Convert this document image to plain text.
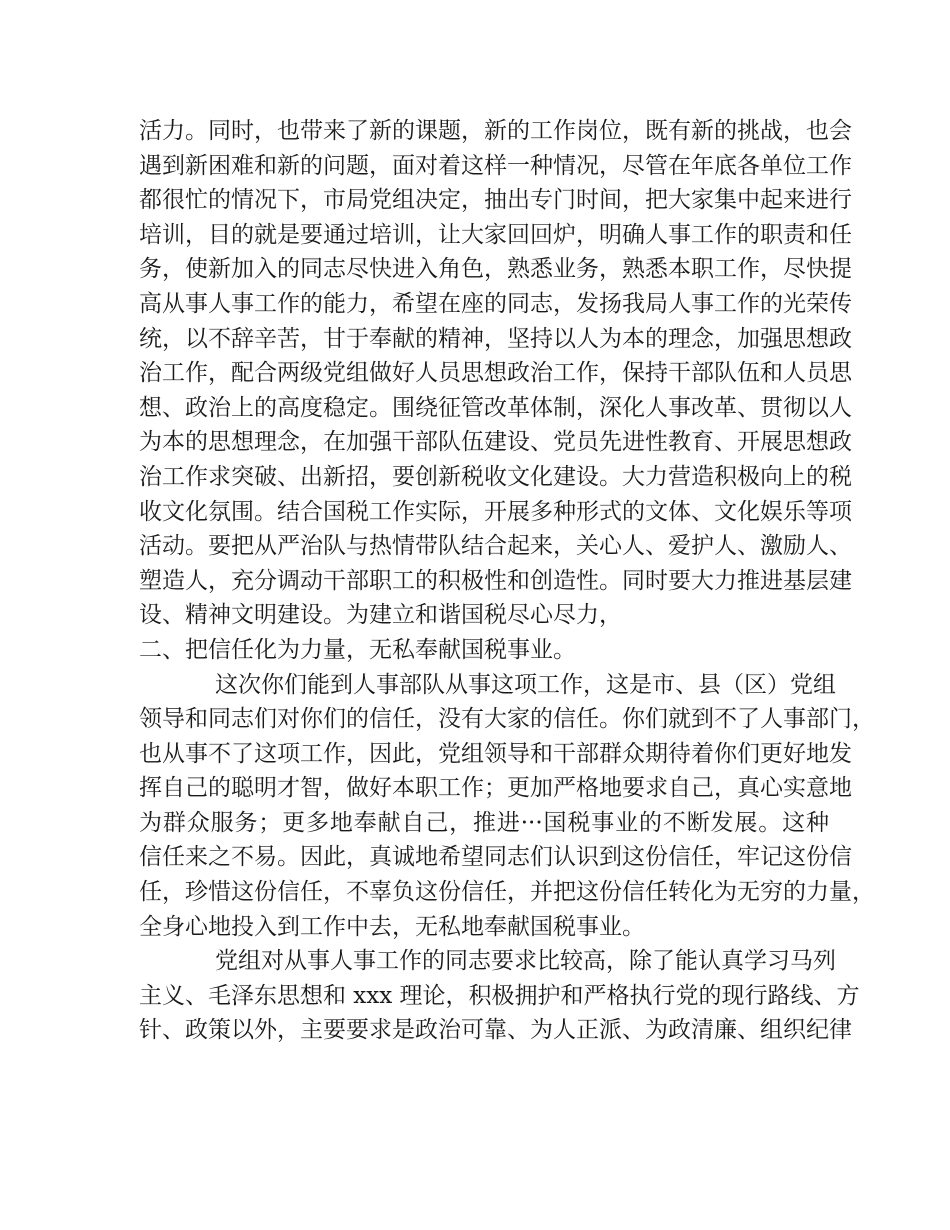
活力。同时，也带来了新的课题，新的工作岗位，既有新的挑战，也会
遇到新困难和新的问题，面对着这样一种情况，尽管在年底各单位工作
都很忙的情况下，市局党组决定，抽出专门时间，把大家集中起来进行
培训，目的就是要通过培训，让大家回回炉，明确人事工作的职责和任
务，使新加入的同志尽快进入角色，熟悉业务，熟悉本职工作，尽快提
高从事人事工作的能力，希望在座的同志，发扬我局人事工作的光荣传
统，以不辞辛苦，甘于奉献的精神，坚持以人为本的理念，加强思想政
治工作，配合两级党组做好人员思想政治工作，保持干部队伍和人员思
想、政治上的高度稳定。围绕征管改革体制，深化人事改革、贯彻以人
为本的思想理念，在加强干部队伍建设、党员先进性教育、开展思想政
治工作求突破、出新招，要创新税收文化建设。大力营造积极向上的税
收文化氛围。结合国税工作实际，开展多种形式的文体、文化娱乐等项
活动。要把从严治队与热情带队结合起来，关心人、爱护人、激励人、
塑造人，充分调动干部职工的积极性和创造性。同时要大力推进基层建
设、精神文明建设。为建立和谐国税尽心尽力，
二、把信任化为力量，无私奉献国税事业。
这次你们能到人事部队从事这项工作，这是市、县（区）党组
领导和同志们对你们的信任，没有大家的信任。你们就到不了人事部门，
也从事不了这项工作，因此，党组领导和干部群众期待着你们更好地发
挥自己的聪明才智，做好本职工作；更加严格地要求自己，真心实意地
为群众服务；更多地奉献自己，推进···国税事业的不断发展。这种
信任来之不易。因此，真诚地希望同志们认识到这份信任，牢记这份信
任，珍惜这份信任，不辜负这份信任，并把这份信任转化为无穷的力量，
全身心地投入到工作中去，无私地奉献国税事业。
党组对从事人事工作的同志要求比较高，除了能认真学习马列
主义、毛泽东思想和 xxx 理论，积极拥护和严格执行党的现行路线、方
针、政策以外，主要要求是政治可靠、为人正派、为政清廉、组织纪律
